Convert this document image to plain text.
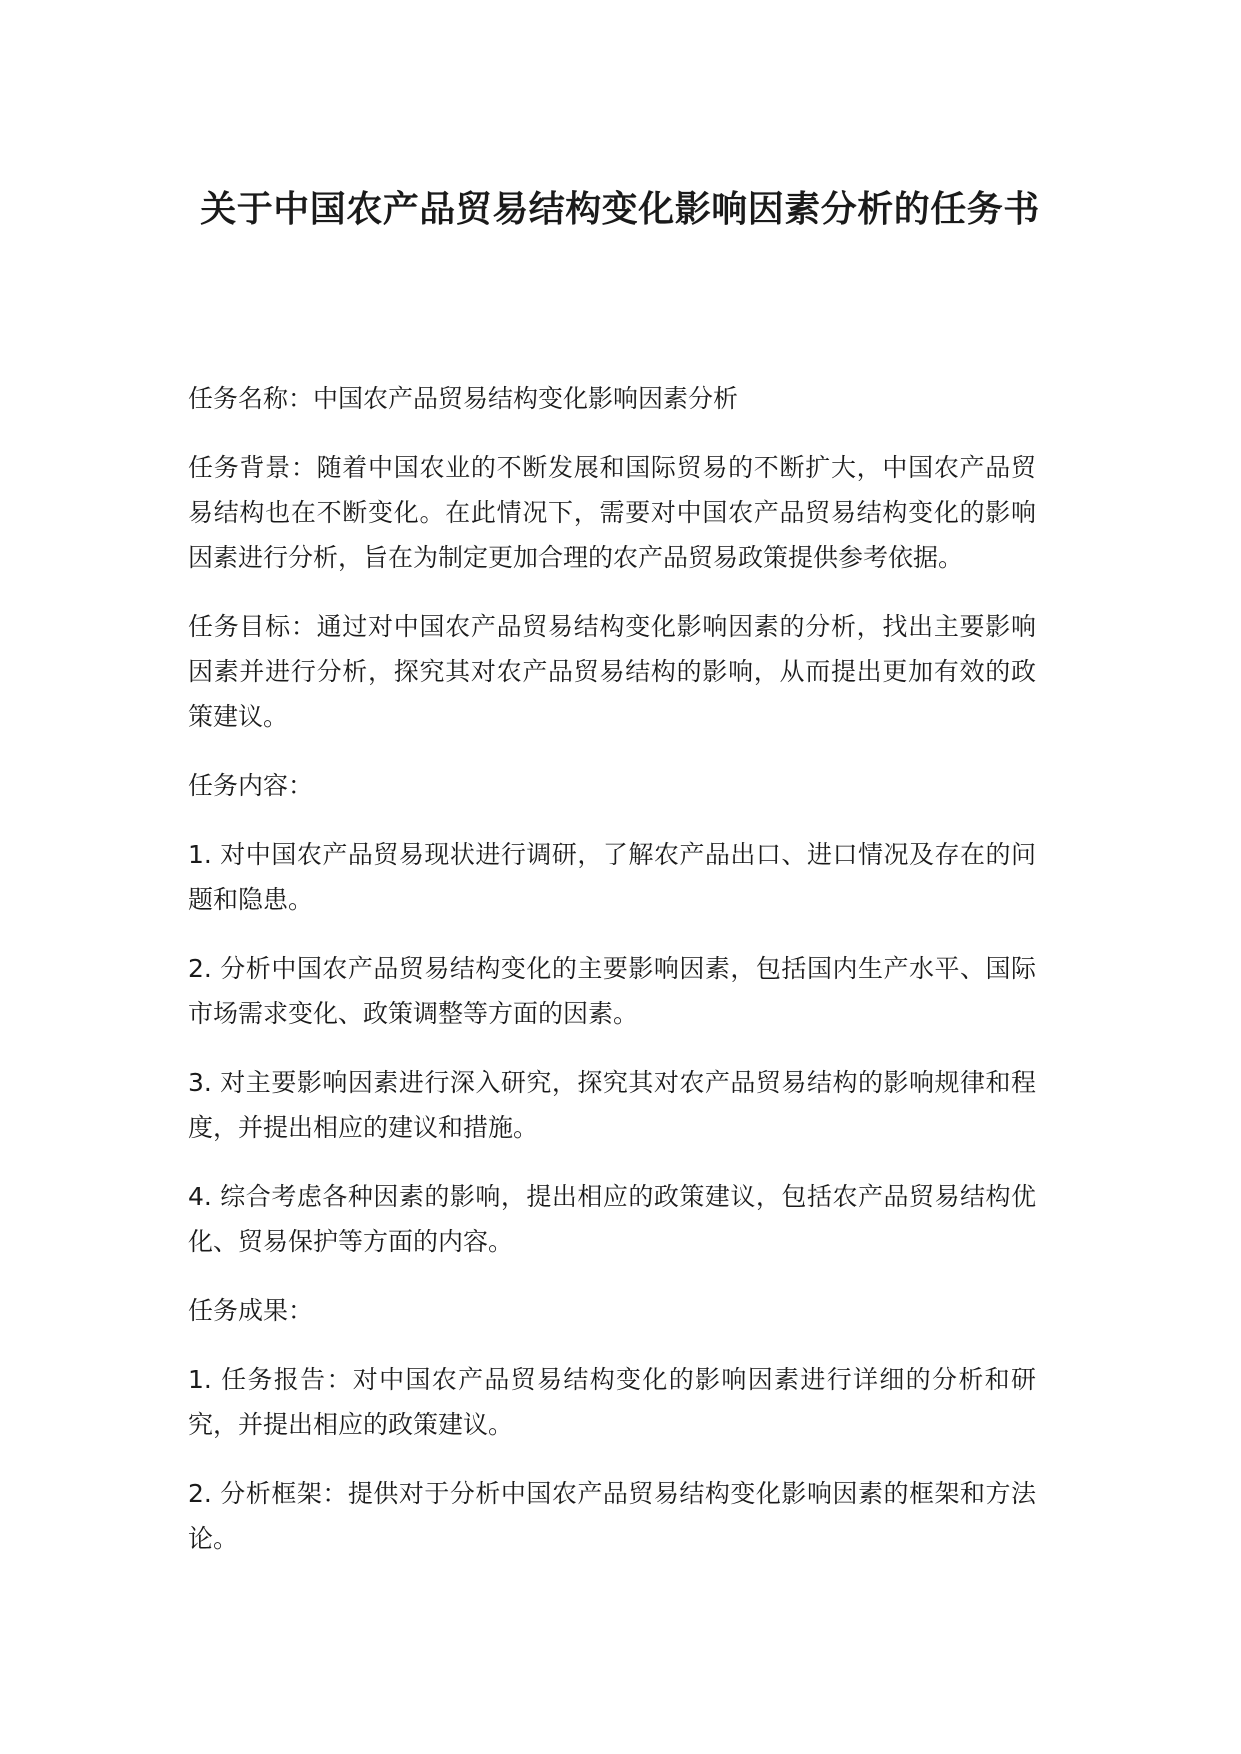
关于中国农产品贸易结构变化影响因素分析的任务书

任务名称：中国农产品贸易结构变化影响因素分析

任务背景：随着中国农业的不断发展和国际贸易的不断扩大，中国农产品贸易结构也在不断变化。在此情况下，需要对中国农产品贸易结构变化的影响因素进行分析，旨在为制定更加合理的农产品贸易政策提供参考依据。

任务目标：通过对中国农产品贸易结构变化影响因素的分析，找出主要影响因素并进行分析，探究其对农产品贸易结构的影响，从而提出更加有效的政策建议。

任务内容：

1. 对中国农产品贸易现状进行调研，了解农产品出口、进口情况及存在的问题和隐患。

2. 分析中国农产品贸易结构变化的主要影响因素，包括国内生产水平、国际市场需求变化、政策调整等方面的因素。

3. 对主要影响因素进行深入研究，探究其对农产品贸易结构的影响规律和程度，并提出相应的建议和措施。

4. 综合考虑各种因素的影响，提出相应的政策建议，包括农产品贸易结构优化、贸易保护等方面的内容。

任务成果：

1. 任务报告：对中国农产品贸易结构变化的影响因素进行详细的分析和研究，并提出相应的政策建议。

2. 分析框架：提供对于分析中国农产品贸易结构变化影响因素的框架和方法论。
